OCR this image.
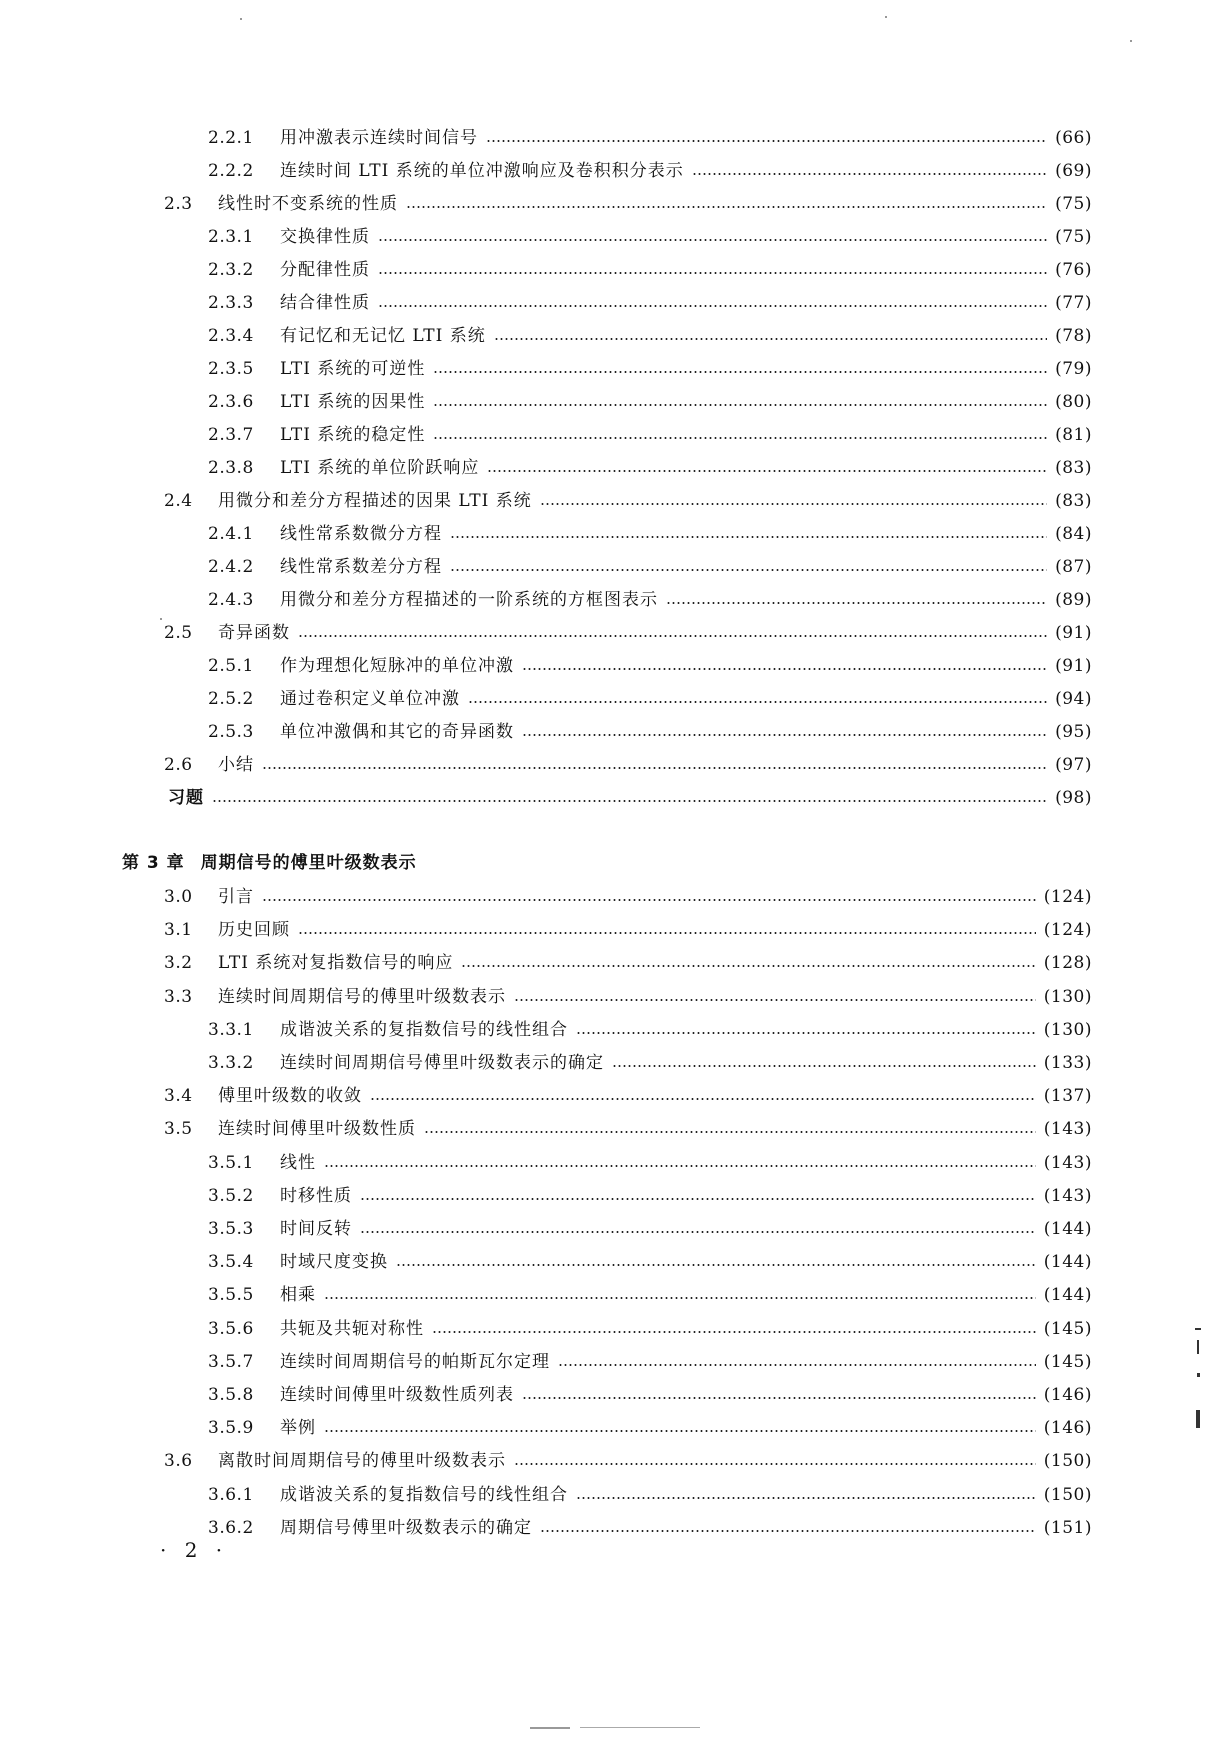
2.2.1	用冲激表示连续时间信号	(66)
2.2.2	连续时间 LTI 系统的单位冲激响应及卷积积分表示	(69)
2.3	线性时不变系统的性质	(75)
2.3.1	交换律性质	(75)
2.3.2	分配律性质	(76)
2.3.3	结合律性质	(77)
2.3.4	有记忆和无记忆 LTI 系统	(78)
2.3.5	LTI 系统的可逆性	(79)
2.3.6	LTI 系统的因果性	(80)
2.3.7	LTI 系统的稳定性	(81)
2.3.8	LTI 系统的单位阶跃响应	(83)
2.4	用微分和差分方程描述的因果 LTI 系统	(83)
2.4.1	线性常系数微分方程	(84)
2.4.2	线性常系数差分方程	(87)
2.4.3	用微分和差分方程描述的一阶系统的方框图表示	(89)
2.5	奇异函数	(91)
2.5.1	作为理想化短脉冲的单位冲激	(91)
2.5.2	通过卷积定义单位冲激	(94)
2.5.3	单位冲激偶和其它的奇异函数	(95)
2.6	小结	(97)
习题	(98)
第 3 章 周期信号的傅里叶级数表示
3.0	引言	(124)
3.1	历史回顾	(124)
3.2	LTI 系统对复指数信号的响应	(128)
3.3	连续时间周期信号的傅里叶级数表示	(130)
3.3.1	成谐波关系的复指数信号的线性组合	(130)
3.3.2	连续时间周期信号傅里叶级数表示的确定	(133)
3.4	傅里叶级数的收敛	(137)
3.5	连续时间傅里叶级数性质	(143)
3.5.1	线性	(143)
3.5.2	时移性质	(143)
3.5.3	时间反转	(144)
3.5.4	时域尺度变换	(144)
3.5.5	相乘	(144)
3.5.6	共轭及共轭对称性	(145)
3.5.7	连续时间周期信号的帕斯瓦尔定理	(145)
3.5.8	连续时间傅里叶级数性质列表	(146)
3.5.9	举例	(146)
3.6	离散时间周期信号的傅里叶级数表示	(150)
3.6.1	成谐波关系的复指数信号的线性组合	(150)
3.6.2	周期信号傅里叶级数表示的确定	(151)
· 2 ·
